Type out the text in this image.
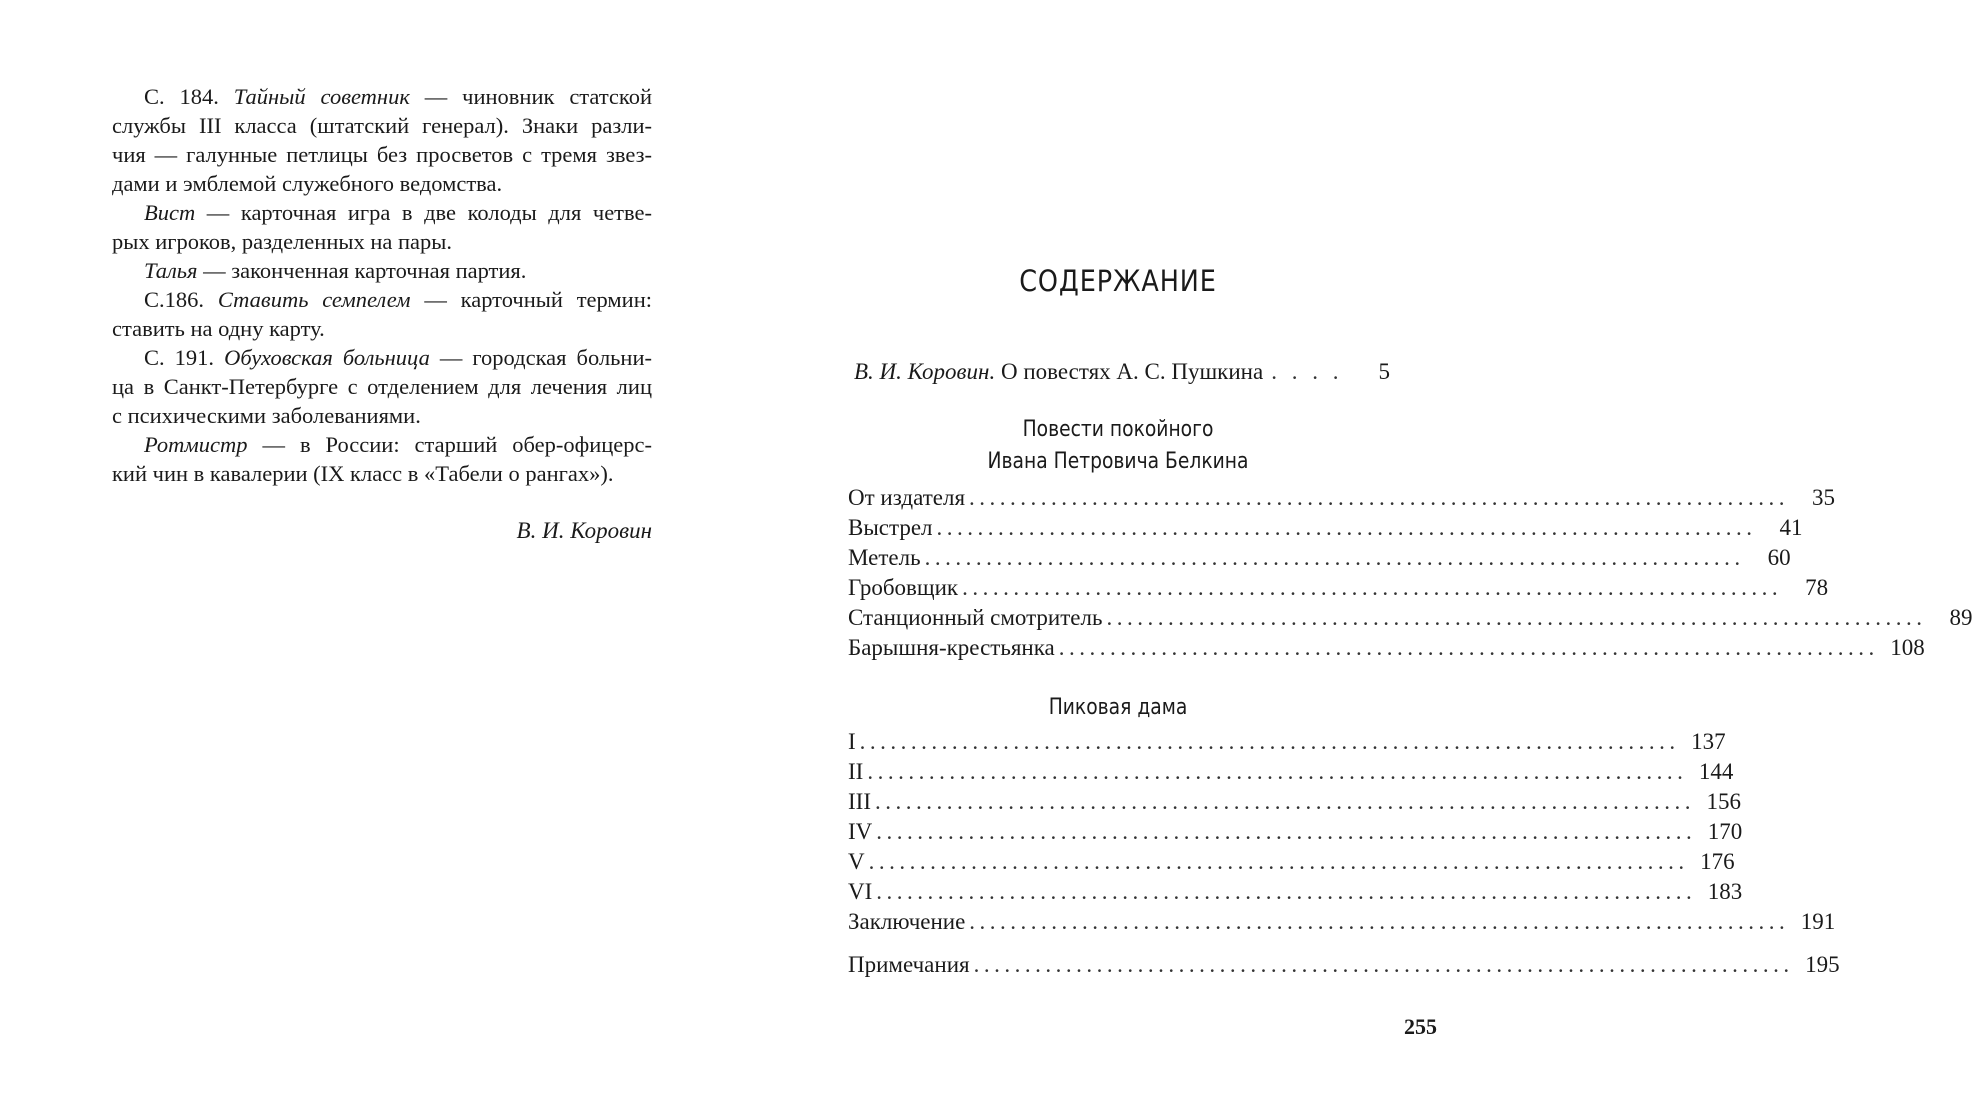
С. 184. Тайный советник — чиновник статской
службы III класса (штатский генерал). Знаки разли-
чия — галунные петлицы без просветов с тремя звез-
дами и эмблемой служебного ведомства.

Вист — карточная игра в две колоды для четве-
рых игроков, разделенных на пары.

Талья — законченная карточная партия.

С.186. Ставить семпелем — карточный термин:
ставить на одну карту.

С. 191. Обуховская больница — городская больни-
ца в Санкт-Петербурге с отделением для лечения лиц
с психическими заболеваниями.

Ротмистр — в России: старший обер-офицерс-
кий чин в кавалерии (IX класс в «Табели о рангах»).

В. И. Коровин
СОДЕРЖАНИЕ
В. И. Коровин. О повестях А. С. Пушкина . . . .	5
Повести покойного
Ивана Петровича Белкина
От издателя ................................................................................	35
Выстрел ................................................................................	41
Метель ................................................................................	60
Гробовщик ................................................................................	78
Станционный смотритель ................................................................................	89
Барышня-крестьянка ................................................................................ 108
Пиковая дама
I ................................................................................ 137
II ................................................................................ 144
III ................................................................................ 156
IV ................................................................................ 170
V ................................................................................ 176
VI ................................................................................ 183
Заключение ................................................................................ 191
Примечания ................................................................................ 195
255
